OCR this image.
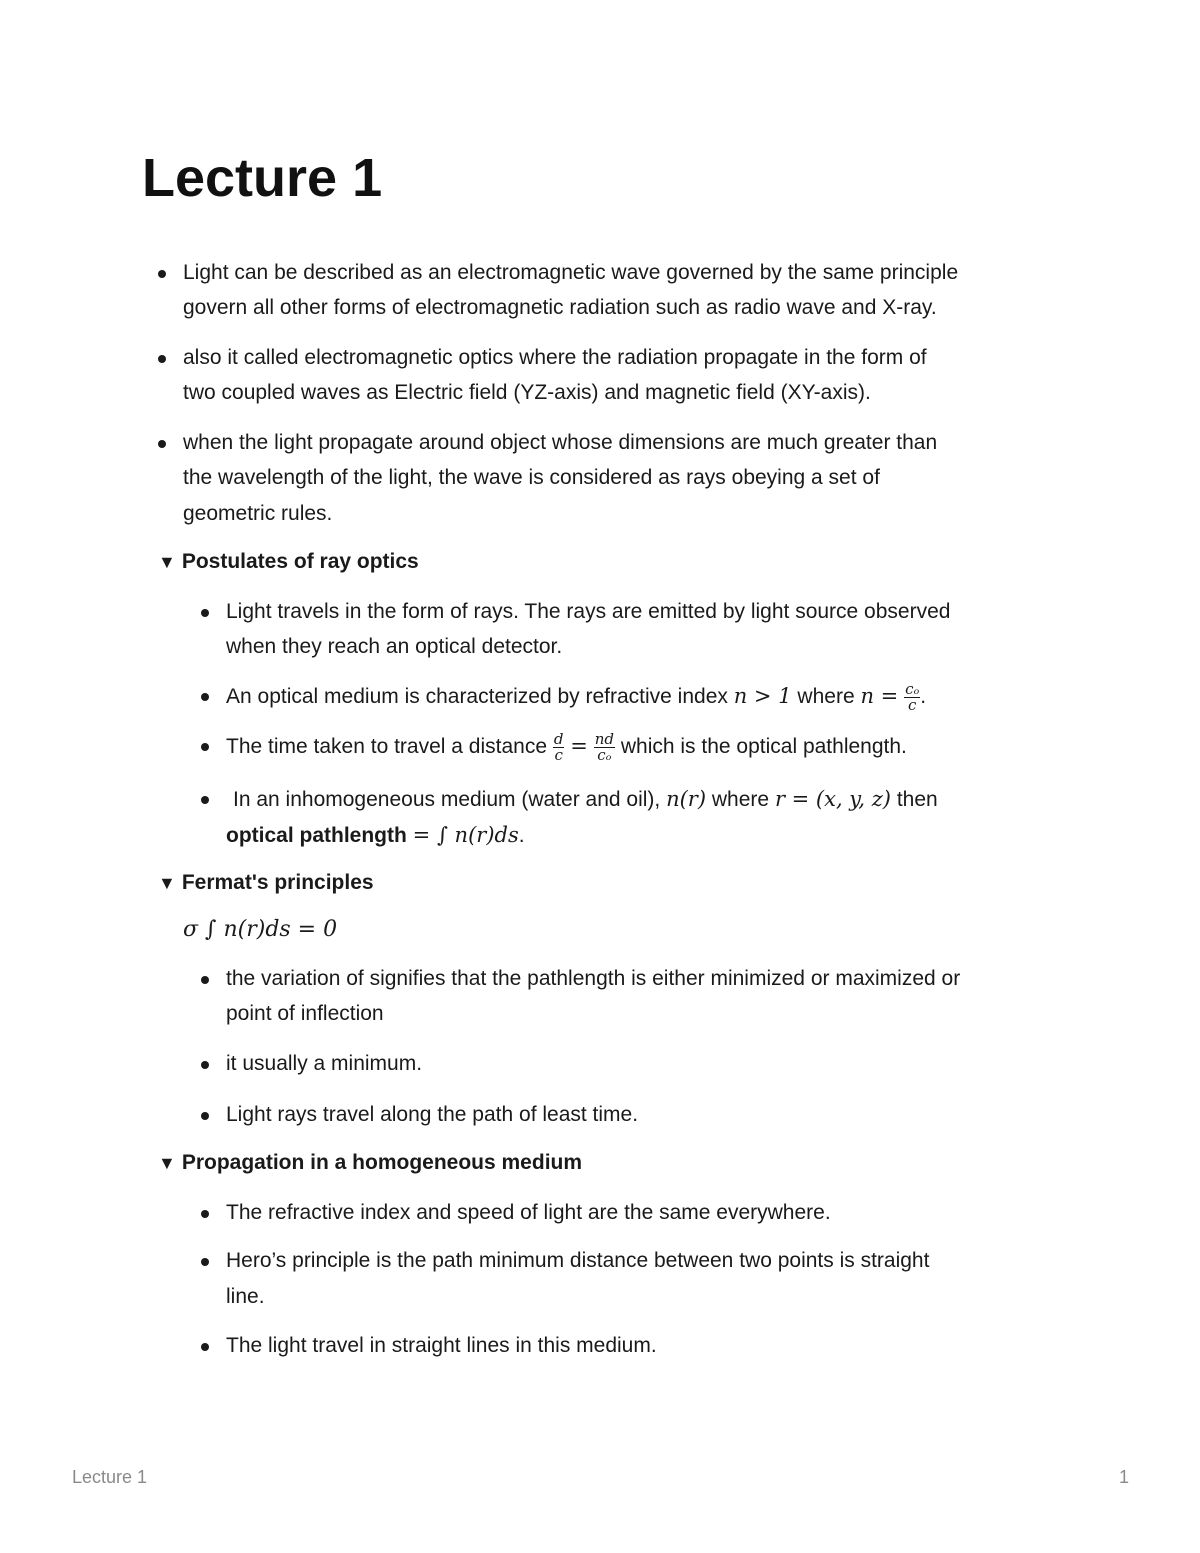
Lecture 1
Light can be described as an electromagnetic wave governed by the same principle
govern all other forms of electromagnetic radiation such as radio wave and X-ray.
also it called electromagnetic optics where the radiation propagate in the form of
two coupled waves as Electric field (YZ-axis) and magnetic field (XY-axis).
when the light propagate around object whose dimensions are much greater than
the wavelength of the light, the wave is considered as rays obeying a set of
geometric rules.
▼ Postulates of ray optics
Light travels in the form of rays. The rays are emitted by light source observed
when they reach an optical detector.
An optical medium is characterized by refractive index n > 1 where $n = \frac{\text{cₒ}}{c}$ .
The time taken to travel a distance $\frac{d}{c} = \frac{nd}{\text{cₒ}}$ which is the optical pathlength.
In an inhomogeneous medium (water and oil), n(r) where r = (x, y, z) then
optical pathlength = ∫ n(r)ds.
▼ Fermat's principles
σ ∫ n(r)ds = 0
the variation of signifies that the pathlength is either minimized or maximized or
point of inflection
it usually a minimum.
Light rays travel along the path of least time.
▼ Propagation in a homogeneous medium
The refractive index and speed of light are the same everywhere.
Hero’s principle is the path minimum distance between two points is straight
line.
The light travel in straight lines in this medium.
Lecture 1	1
